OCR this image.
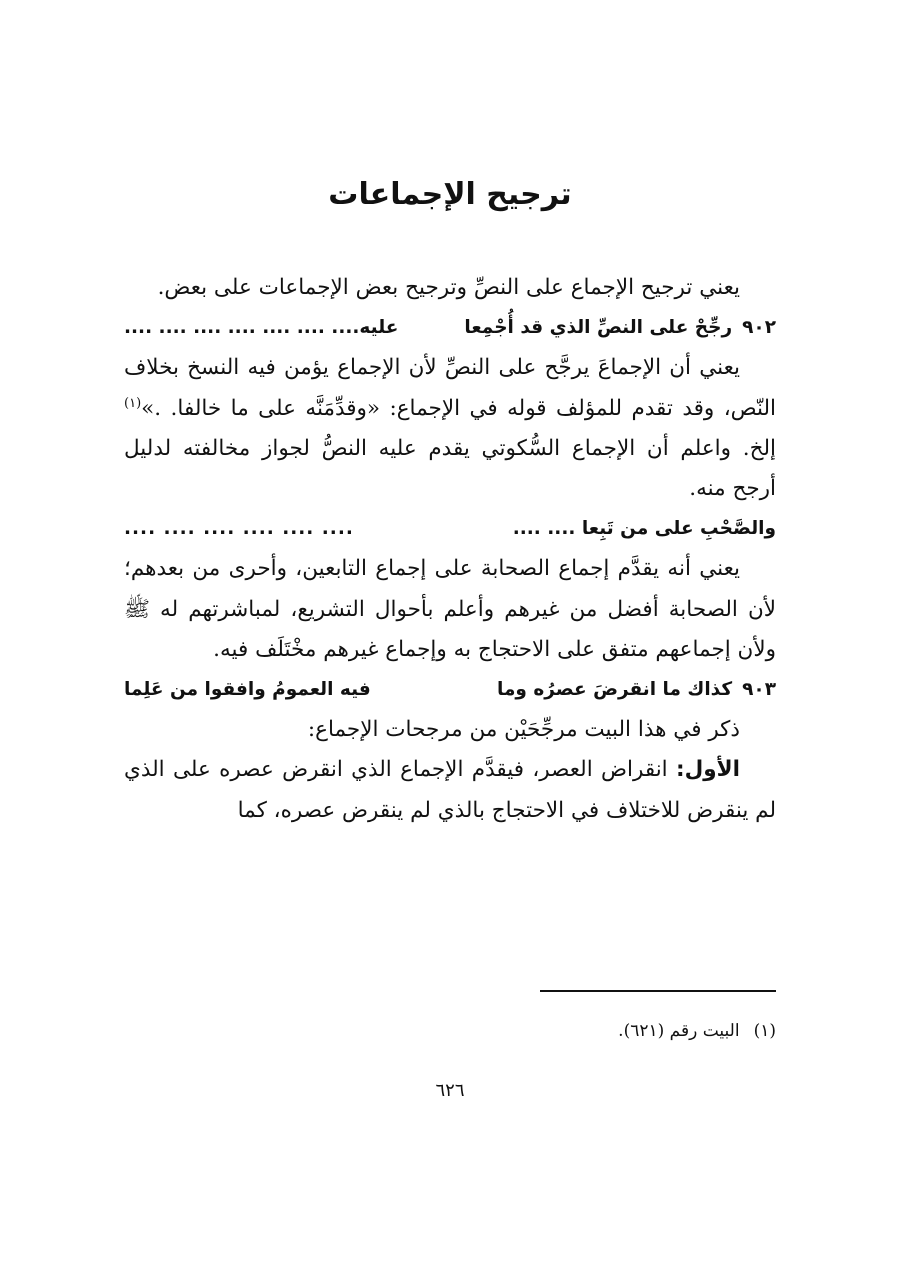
ترجيح الإجماعات

يعني ترجيح الإجماع على النصِّ وترجيح بعض الإجماعات على بعض.

٩٠٢رجِّحْ على النصِّ الذي قد أُجْمِعا
عليه.... .... .... .... .... .... ....

يعني أن الإجماعَ يرجَّح على النصِّ لأن الإجماع يؤمن فيه النسخ بخلاف النّص، وقد تقدم للمؤلف قوله في الإجماع: «وقدِّمَنَّه على ما خالفا. .»$^{(١)}$ إلخ. واعلم أن الإجماع السُّكوتي يقدم عليه النصُّ لجواز مخالفته لدليل أرجح منه.

والصَّحْبِ على من تَبِعا .... ....
.... .... .... .... .... ....

يعني أنه يقدَّم إجماع الصحابة على إجماع التابعين، وأحرى من بعدهم؛ لأن الصحابة أفضل من غيرهم وأعلم بأحوال التشريع، لمباشرتهم له ﷺ ولأن إجماعهم متفق على الاحتجاج به وإجماع غيرهم مخْتَلَف فيه.

٩٠٣كذاك ما انقرضَ عصرُه وما
فيه العمومُ وافقوا من عَلِما

ذكر في هذا البيت مرجِّحَيْن من مرجحات الإجماع:

الأول: انقراض العصر، فيقدَّم الإجماع الذي انقرض عصره على الذي لم ينقرض للاختلاف في الاحتجاج بالذي لم ينقرض عصره، كما

(١)البيت رقم (٦٢١).
٦٢٦
